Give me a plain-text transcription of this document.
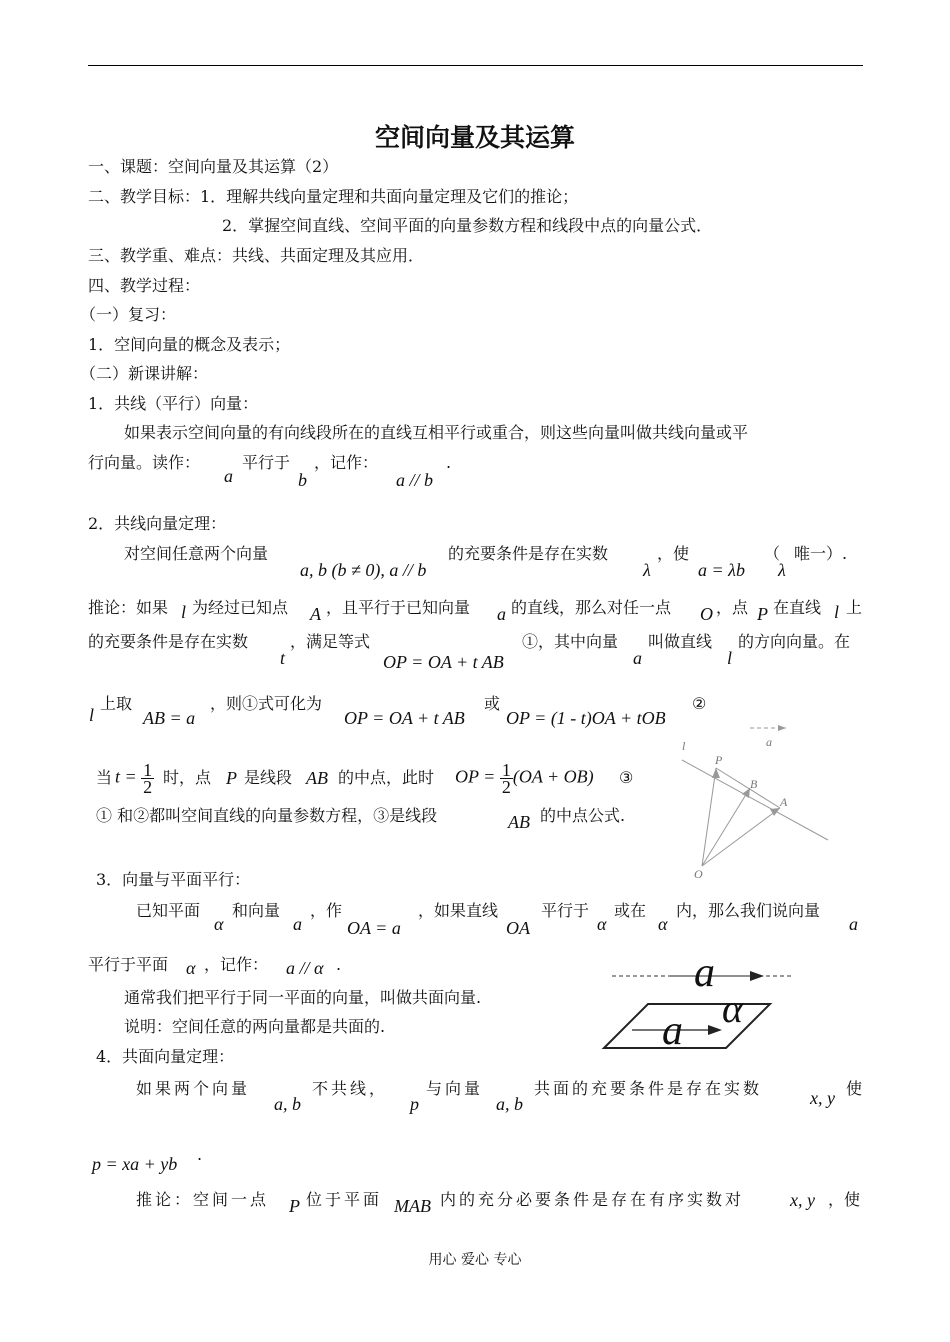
空间向量及其运算
一、课题：空间向量及其运算（2）
二、教学目标：1．理解共线向量定理和共面向量定理及它们的推论；
2．掌握空间直线、空间平面的向量参数方程和线段中点的向量公式．
三、教学重、难点：共线、共面定理及其应用．
四、教学过程：
（一）复习：
1．空间向量的概念及表示；
（二）新课讲解：
1．共线（平行）向量：
如果表示空间向量的有向线段所在的直线互相平行或重合，则这些向量叫做共线向量或平
行向量。读作：
a
平行于
b
，记作：
a // b
.
2．共线向量定理：
对空间任意两个向量
a, b (b ≠ 0), a // b
的充要条件是存在实数
λ
，使
a = λb
（
λ
唯一）.
推论：如果 l 为经过已知点 A ，且平行于已知向量 a 的直线，那么对任一点 O ，点 P 在直线 l 上
的充要条件是存在实数
t
，满足等式
OP = OA + t AB
①，其中向量
a
叫做直线
l
的方向向量。在
l
上取
AB = a
，则①式可化为
OP = OA + t AB
或
OP = (1 - t)OA + tOB
②
当 $t = \frac{1}{2}$ 时，点 P 是线段 AB 的中点，此时 OP = $\frac{1}{2} (OA + OB)$ ③
① 和②都叫空间直线的向量参数方程，③是线段	AB 的中点公式.
l	a
P
B
A
O
3．向量与平面平行：
已知平面
α
和向量
a
，作
OA = a
，如果直线
OA
平行于
α
或在
α
内，那么我们说向量
a
平行于平面 α ，记作： a // α .
通常我们把平行于同一平面的向量，叫做共面向量.
说明：空间任意的两向量都是共面的.
a
α
a
4．共面向量定理：
如果两个向量
a, b
不共线，
p
与向量
a, b
共面的充要条件是存在实数	x, y 使
p = xa + yb .
推论：空间一点 P 位于平面 MAB 内的充分必要条件是存在有序实数对	x, y ，使
用心 爱心 专心
